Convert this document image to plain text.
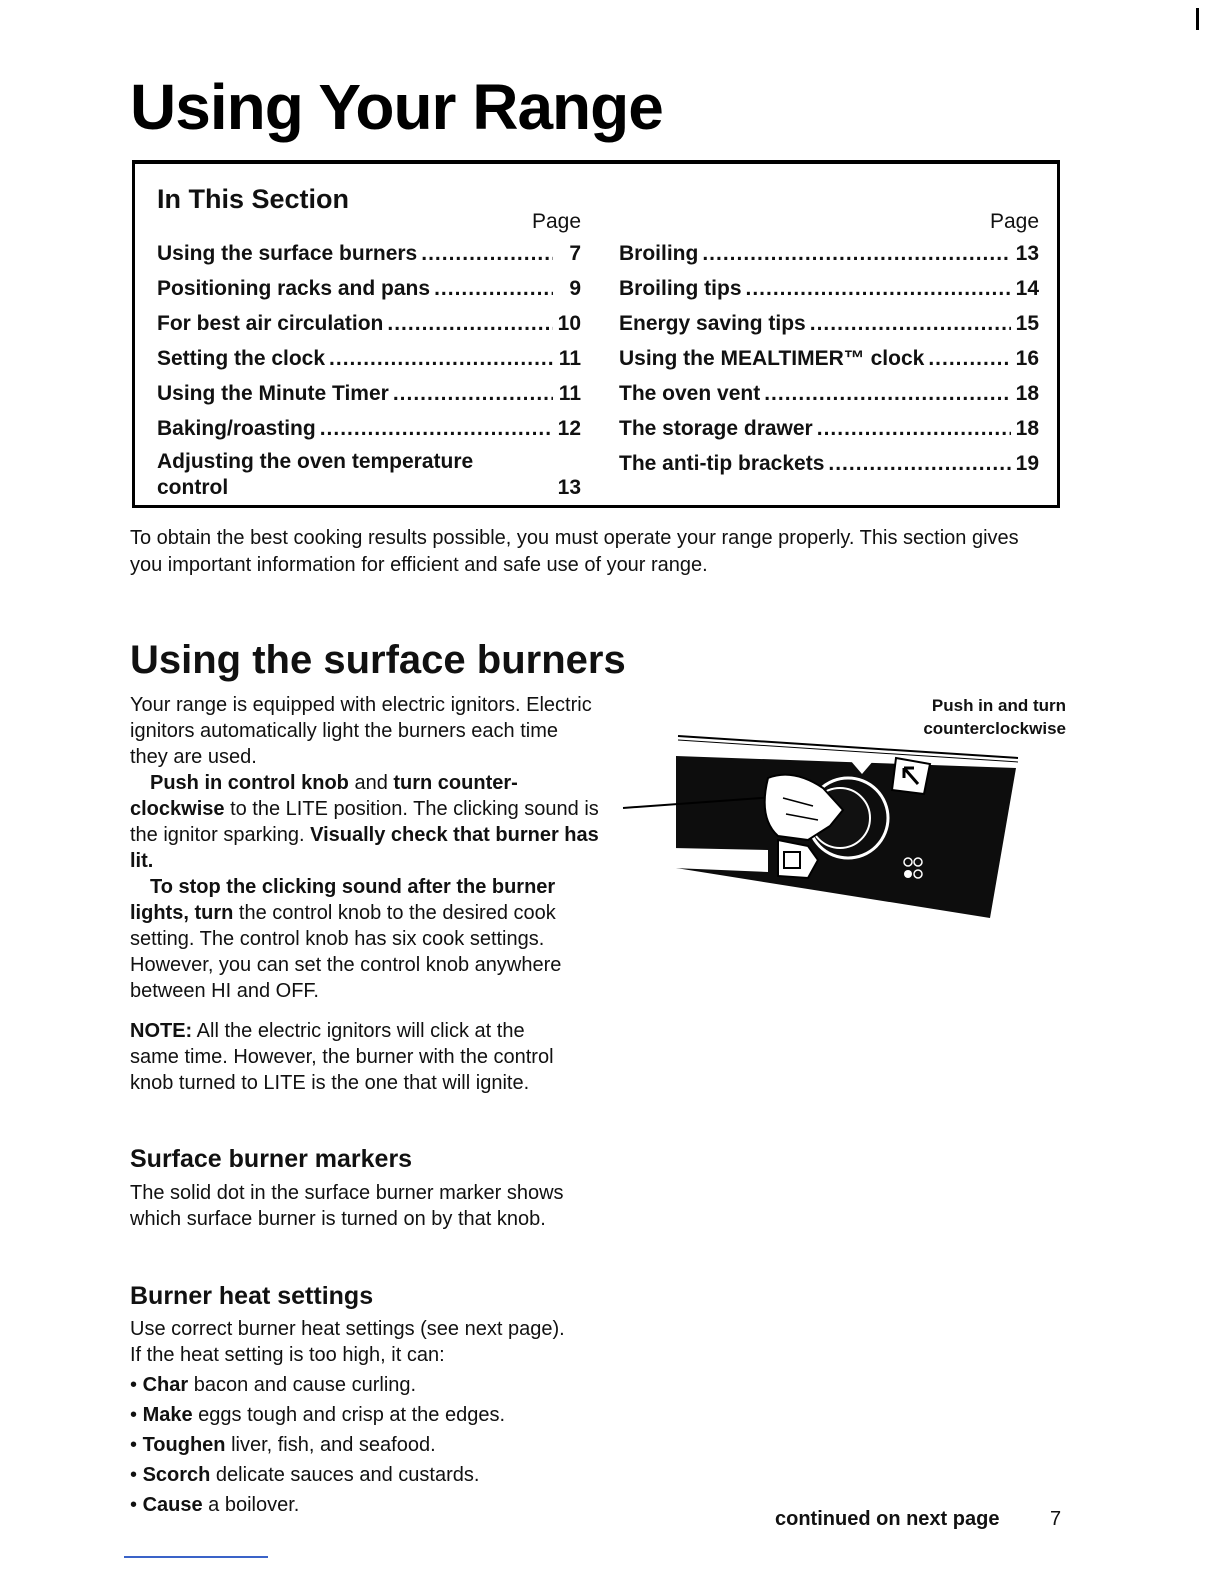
Using Your Range
In This Section
Page
Using the surface burners .....	7
Positioning racks and pans .....	9
For best air circulation .....	10
Setting the clock .....	11
Using the Minute Timer .....	11
Baking/roasting .....	12
Adjusting the oven temperature
control	13
Page
Broiling .....	13
Broiling tips .....	14
Energy saving tips .....	15
Using the MEALTIMER™ clock .....	16
The oven vent .....	18
The storage drawer .....	18
The anti-tip brackets .....	19

To obtain the best cooking results possible, you must operate your range properly. This section gives you important information for efficient and safe use of your range.

Using the surface burners

Your range is equipped with electric ignitors. Electric ignitors automatically light the burners each time they are used.

Push in control knob and turn counter-clockwise to the LITE position. The clicking sound is the ignitor sparking. Visually check that burner has lit.

To stop the clicking sound after the burner lights, turn the control knob to the desired cook setting. The control knob has six cook settings. However, you can set the control knob anywhere between HI and OFF.

NOTE: All the electric ignitors will click at the same time. However, the burner with the control knob turned to LITE is the one that will ignite.

Push in and turn
counterclockwise

Surface burner markers

The solid dot in the surface burner marker shows which surface burner is turned on by that knob.

Burner heat settings

Use correct burner heat settings (see next page). If the heat setting is too high, it can:

• Char bacon and cause curling.
• Make eggs tough and crisp at the edges.
• Toughen liver, fish, and seafood.
• Scorch delicate sauces and custards.
• Cause a boilover.
continued on next page	7
